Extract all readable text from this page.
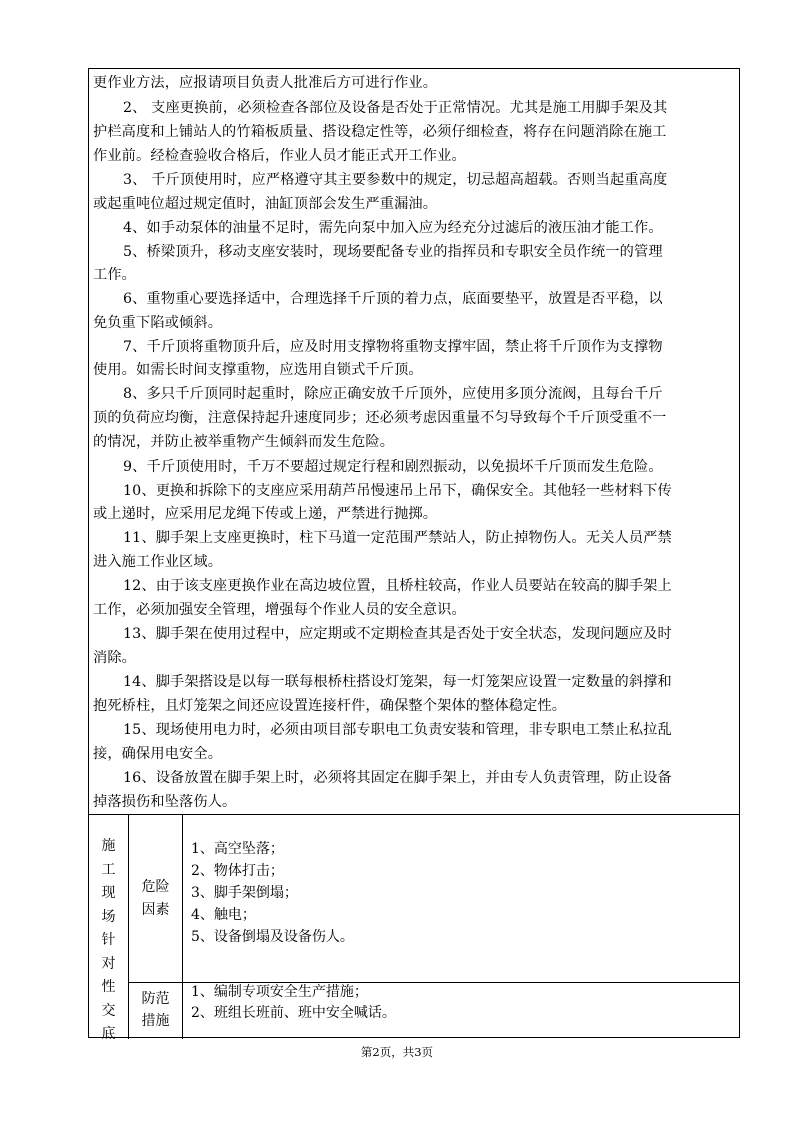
更作业方法，应报请项目负责人批准后方可进行作业。
2、 支座更换前，必须检查各部位及设备是否处于正常情况。尤其是施工用脚手架及其
护栏高度和上铺站人的竹箱板质量、搭设稳定性等，必须仔细检查，将存在问题消除在施工
作业前。经检查验收合格后，作业人员才能正式开工作业。
3、 千斤顶使用时，应严格遵守其主要参数中的规定，切忌超高超载。否则当起重高度
或起重吨位超过规定值时，油缸顶部会发生严重漏油。
4、如手动泵体的油量不足时，需先向泵中加入应为经充分过滤后的液压油才能工作。
5、桥梁顶升，移动支座安装时，现场要配备专业的指挥员和专职安全员作统一的管理
工作。
6、重物重心要选择适中，合理选择千斤顶的着力点，底面要垫平，放置是否平稳，以
免负重下陷或倾斜。
7、千斤顶将重物顶升后，应及时用支撑物将重物支撑牢固，禁止将千斤顶作为支撑物
使用。如需长时间支撑重物，应选用自锁式千斤顶。
8、多只千斤顶同时起重时，除应正确安放千斤顶外，应使用多顶分流阀，且每台千斤
顶的负荷应均衡，注意保持起升速度同步；还必须考虑因重量不匀导致每个千斤顶受重不一
的情况，并防止被举重物产生倾斜而发生危险。
9、千斤顶使用时，千万不要超过规定行程和剧烈振动，以免损坏千斤顶而发生危险。
10、更换和拆除下的支座应采用葫芦吊慢速吊上吊下，确保安全。其他轻一些材料下传
或上递时，应采用尼龙绳下传或上递，严禁进行抛掷。
11、脚手架上支座更换时，柱下马道一定范围严禁站人，防止掉物伤人。无关人员严禁
进入施工作业区域。
12、由于该支座更换作业在高边坡位置，且桥柱较高，作业人员要站在较高的脚手架上
工作，必须加强安全管理，增强每个作业人员的安全意识。
13、脚手架在使用过程中，应定期或不定期检查其是否处于安全状态，发现问题应及时
消除。
14、脚手架搭设是以每一联每根桥柱搭设灯笼架，每一灯笼架应设置一定数量的斜撑和
抱死桥柱，且灯笼架之间还应设置连接杆件，确保整个架体的整体稳定性。
15、现场使用电力时，必须由项目部专职电工负责安装和管理，非专职电工禁止私拉乱
接，确保用电安全。
16、设备放置在脚手架上时，必须将其固定在脚手架上，并由专人负责管理，防止设备
掉落损伤和坠落伤人。
施
工
现
场
针
对
性
交
底
危险
因素
防范
措施
1、高空坠落；
2、物体打击；
3、脚手架倒塌；
4、触电；
5、设备倒塌及设备伤人。
1、编制专项安全生产措施；
2、班组长班前、班中安全喊话。
第2页，共3页
